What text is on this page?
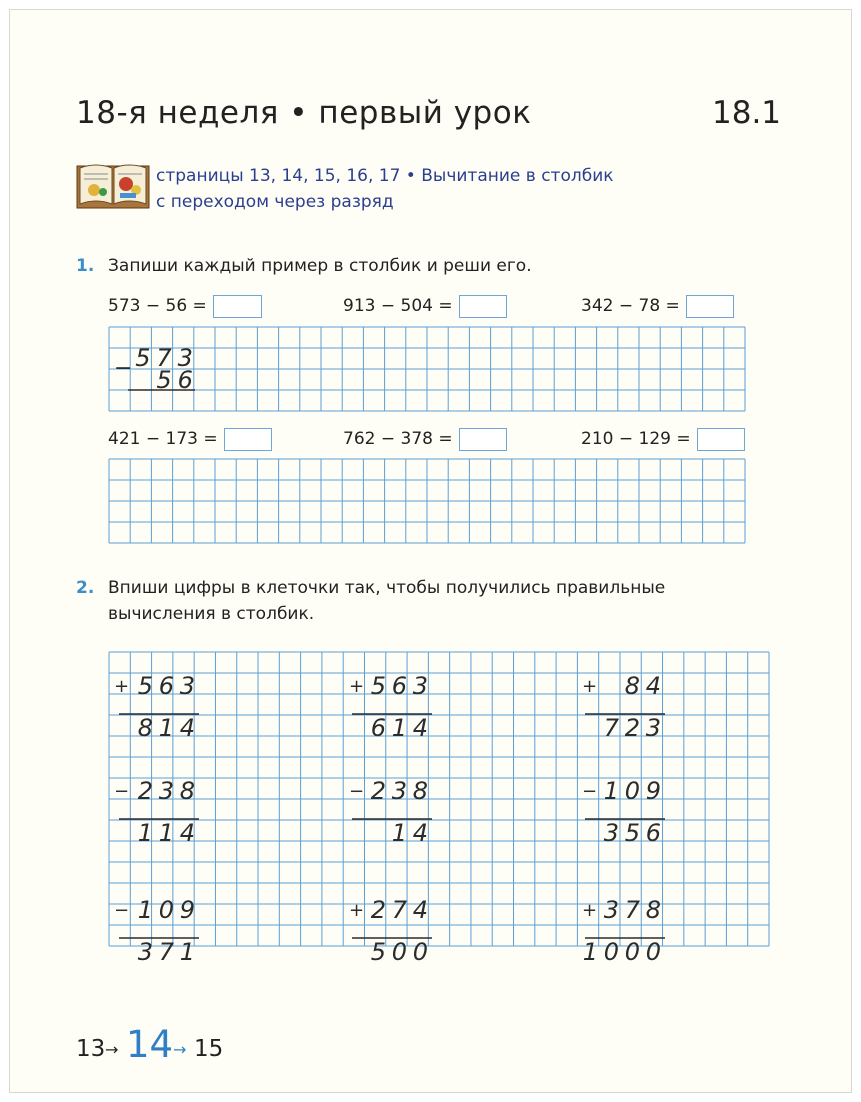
18-я неделя • первый урок	18.1
страницы 13, 14, 15, 16, 17 • Вычитание в столбик
с переходом через разряд
1. Запиши каждый пример в столбик и реши его.
573 − 56 =	913 − 504 =	342 − 78 =
421 − 173 =	762 − 378 =	210 − 129 =
2. Впиши цифры в клеточки так, чтобы получились правильные
вычисления в столбик.
− 5 7 3
5 6
+ 5 6 3
8 1 4
+ 5 6 3
6 1 4
+ 8 4
7 2 3
− 2 3 8
1 1 4
− 2 3 8
1 4
− 1 0 9
3 5 6
− 1 0 9
3 7 1
+ 2 7 4
5 0 0
+ 3 7 8
1 0 0 0
13 → 14 → 15
